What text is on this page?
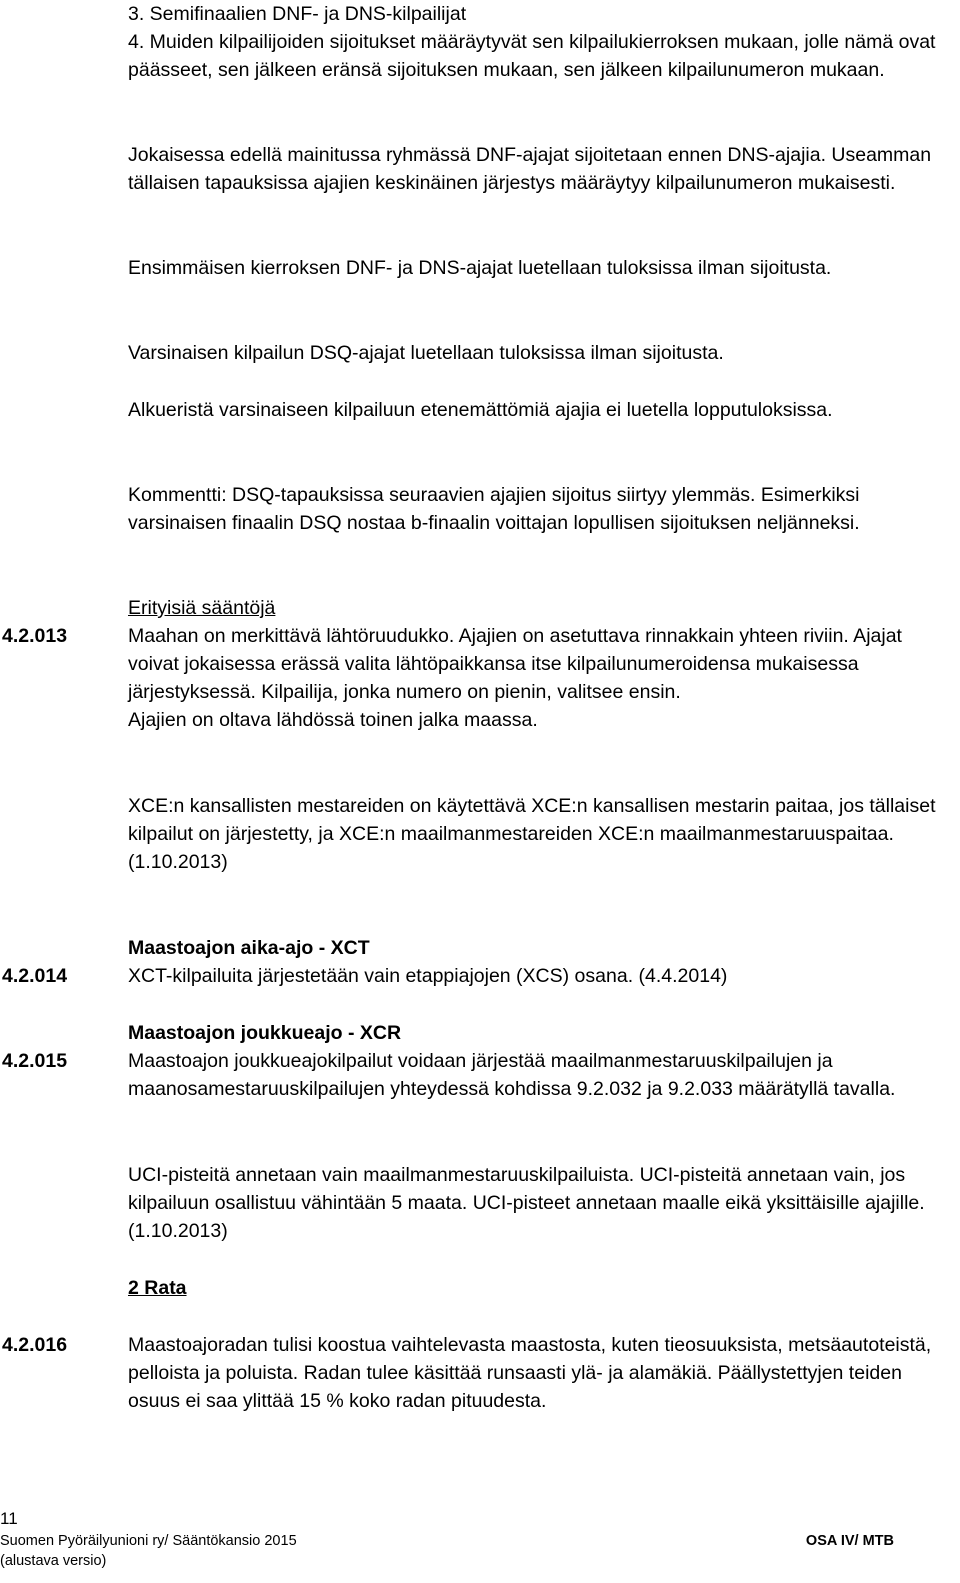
3. Semifinaalien DNF- ja DNS-kilpailijat

4. Muiden kilpailijoiden sijoitukset määräytyvät sen kilpailukierroksen mukaan, jolle nämä ovat päässeet, sen jälkeen eränsä sijoituksen mukaan, sen jälkeen kilpailunumeron mukaan.

Jokaisessa edellä mainitussa ryhmässä DNF-ajajat sijoitetaan ennen DNS-ajajia. Useamman tällaisen tapauksissa ajajien keskinäinen järjestys määräytyy kilpailunumeron mukaisesti.

Ensimmäisen kierroksen DNF- ja DNS-ajajat luetellaan tuloksissa ilman sijoitusta.

Varsinaisen kilpailun DSQ-ajajat luetellaan tuloksissa ilman sijoitusta.

Alkueristä varsinaiseen kilpailuun etenemättömiä ajajia ei luetella lopputuloksissa.

Kommentti: DSQ-tapauksissa seuraavien ajajien sijoitus siirtyy ylemmäs. Esimerkiksi varsinaisen finaalin DSQ nostaa b-finaalin voittajan lopullisen sijoituksen neljänneksi.

Erityisiä sääntöjä

4.2.013	Maahan on merkittävä lähtöruudukko. Ajajien on asetuttava rinnakkain yhteen riviin. Ajajat voivat jokaisessa erässä valita lähtöpaikkansa itse kilpailunumeroidensa mukaisessa järjestyksessä. Kilpailija, jonka numero on pienin, valitsee ensin.

Ajajien on oltava lähdössä toinen jalka maassa.

XCE:n kansallisten mestareiden on käytettävä XCE:n kansallisen mestarin paitaa, jos tällaiset kilpailut on järjestetty, ja XCE:n maailmanmestareiden XCE:n maailmanmestaruuspaitaa.

(1.10.2013)

Maastoajon aika-ajo - XCT

4.2.014	XCT-kilpailuita järjestetään vain etappiajojen (XCS) osana. (4.4.2014)

Maastoajon joukkueajo - XCR

4.2.015	Maastoajon joukkueajokilpailut voidaan järjestää maailmanmestaruuskilpailujen ja maanosamestaruuskilpailujen yhteydessä kohdissa 9.2.032 ja 9.2.033 määrätyllä tavalla.

UCI-pisteitä annetaan vain maailmanmestaruuskilpailuista. UCI-pisteitä annetaan vain, jos kilpailuun osallistuu vähintään 5 maata. UCI-pisteet annetaan maalle eikä yksittäisille ajajille. (1.10.2013)

2 Rata

4.2.016	Maastoajoradan tulisi koostua vaihtelevasta maastosta, kuten tieosuuksista, metsäautoteistä, pelloista ja poluista. Radan tulee käsittää runsaasti ylä- ja alamäkiä. Päällystettyjen teiden osuus ei saa ylittää 15 % koko radan pituudesta.

11
Suomen Pyöräilyunioni ry/ Sääntökansio 2015
(alustava versio)
OSA IV/ MTB
